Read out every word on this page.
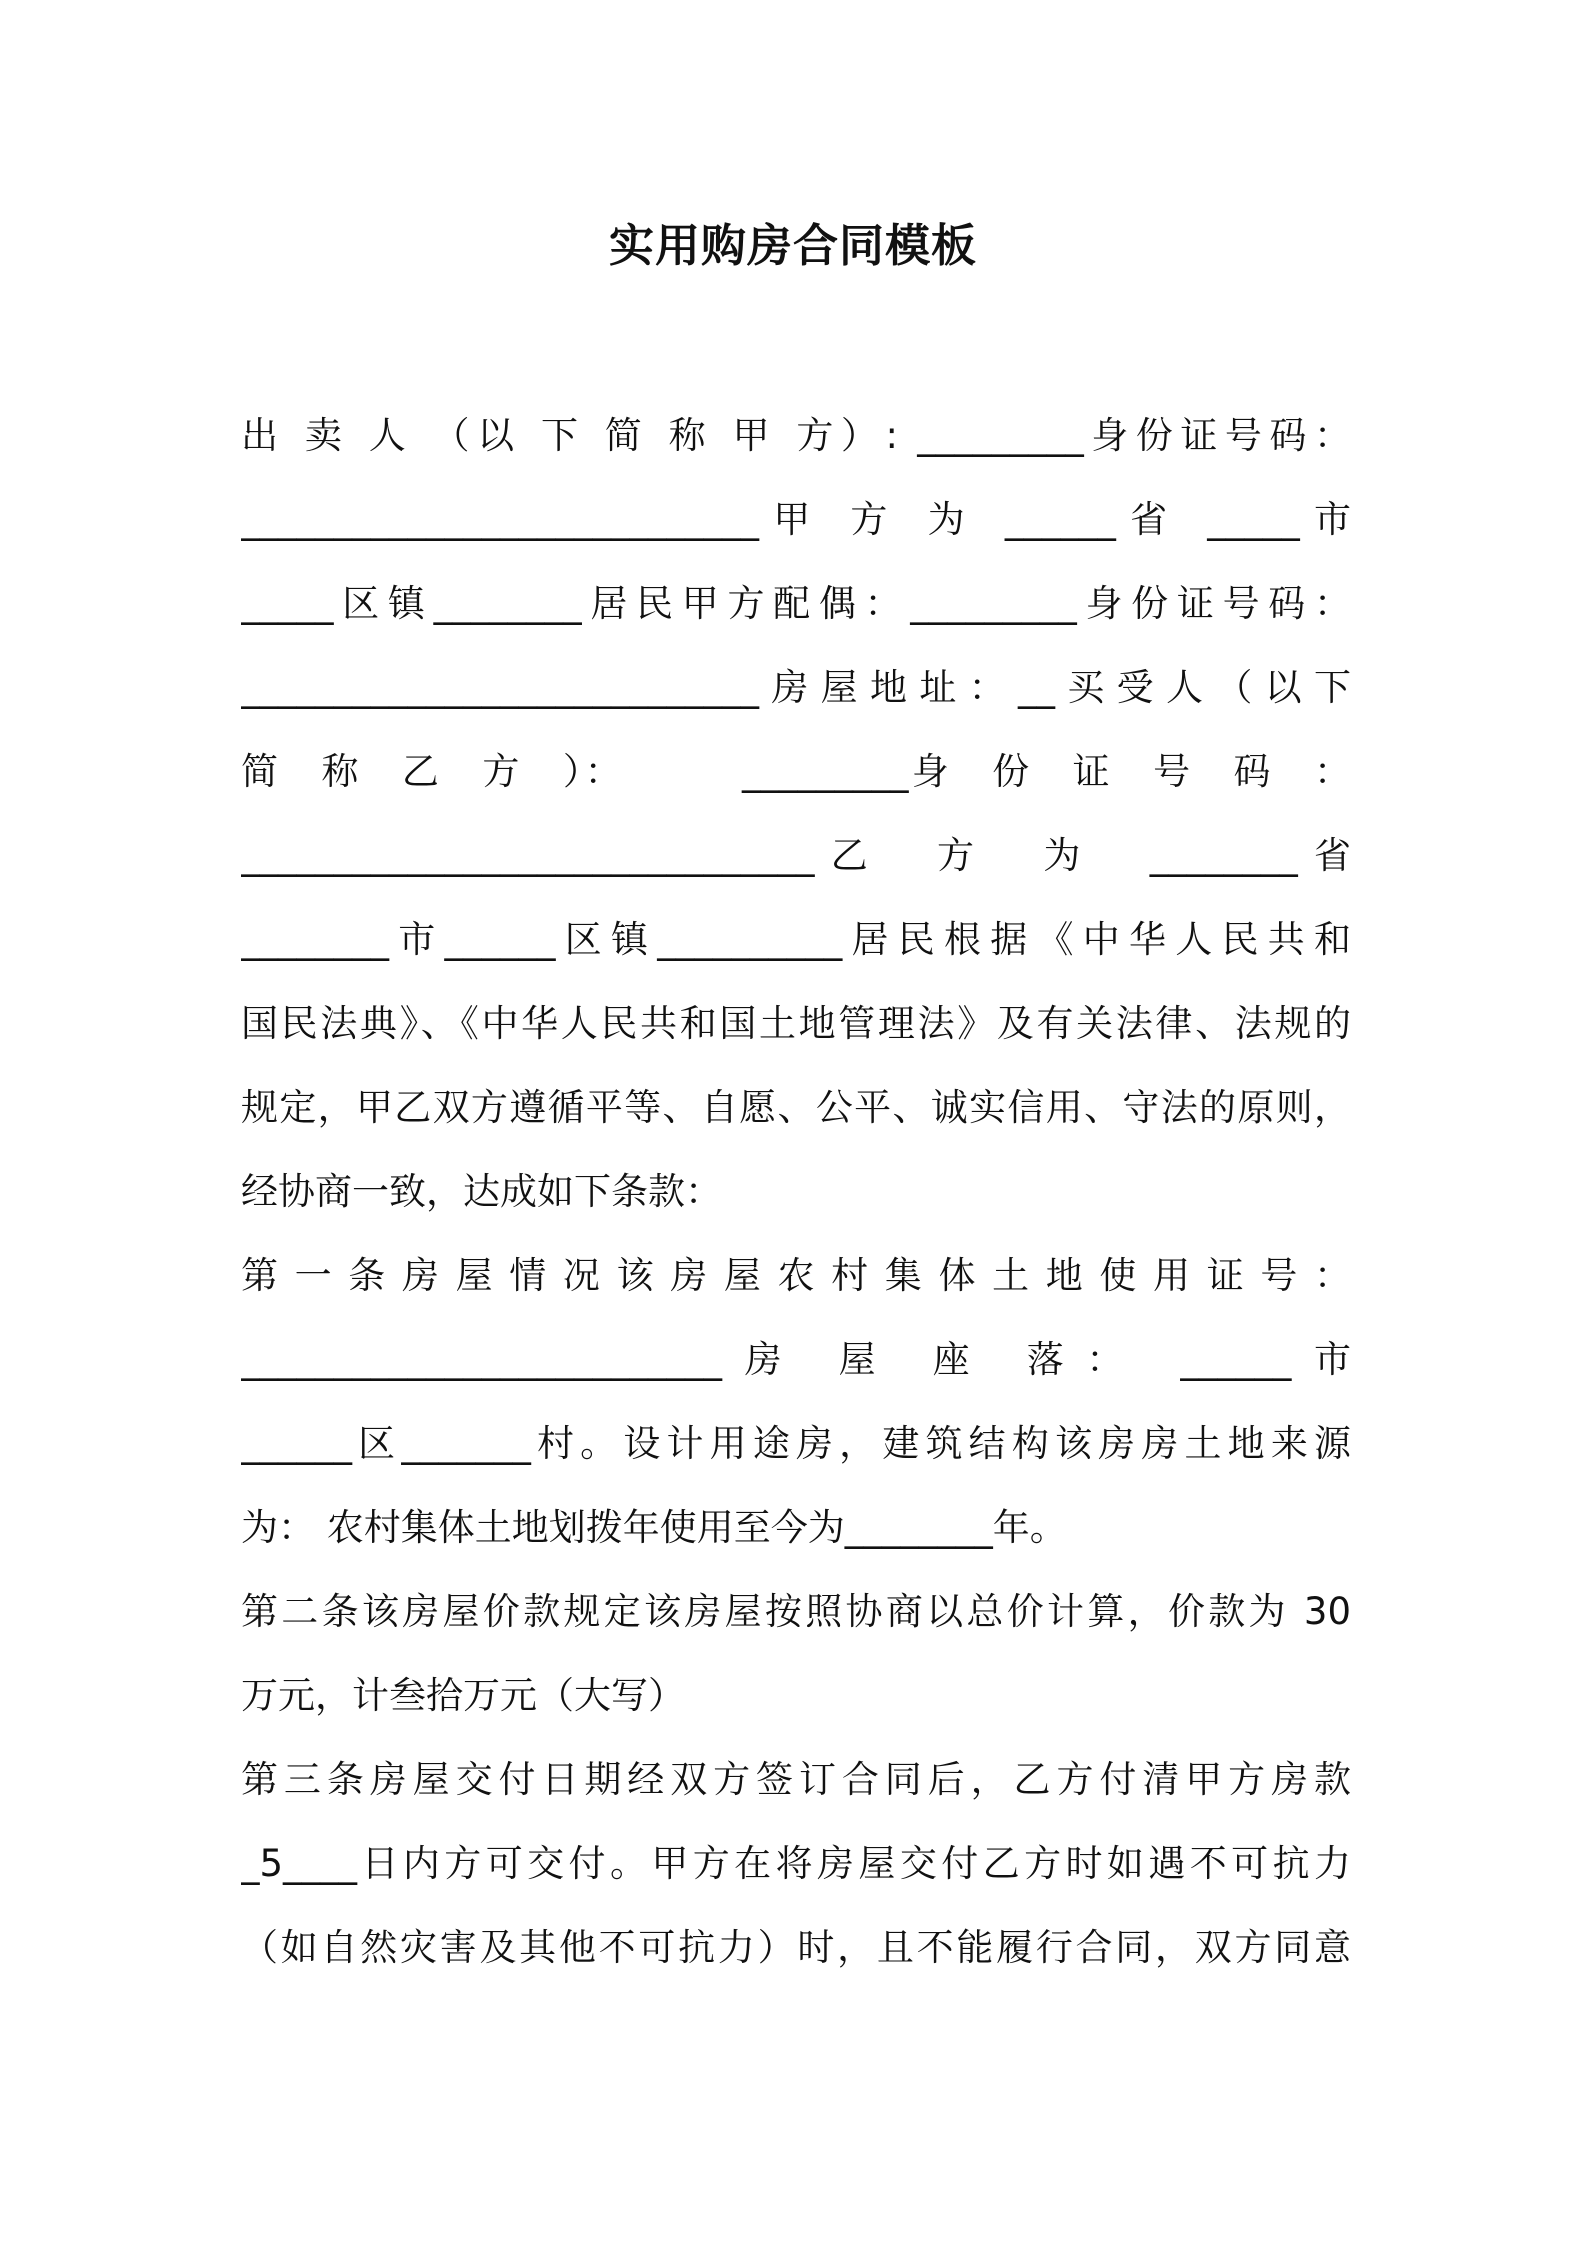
实用购房合同模板
出 卖 人 （以 下 简 称 甲 方）: _________身份证号码：
____________________________甲 方 为 ______省 _____市
_____区镇________居民甲方配偶：_________身份证号码：
____________________________房屋地址：__买受人（以下
简　称　乙　方　）：　　　 _________身　份　证　号　码　：
_______________________________乙　方　为　________省
________市______区镇__________居民根据《中华人民共和
国民法典》、《中华人民共和国土地管理法》及有关法律、法规的
规定，甲乙双方遵循平等、自愿、公平、诚实信用、守法的原则，
经协商一致，达成如下条款：
第 一 条 房 屋 情 况 该 房 屋 农 村 集 体 土 地 使 用 证 号 ：
__________________________房 屋 座 落： ______市
______区_______村。设计用途房，建筑结构该房房土地来源
为： 农村集体土地划拨年使用至今为________年。
第二条该房屋价款规定该房屋按照协商以总价计算，价款为 30
万元，计叁拾万元（大写）
第三条房屋交付日期经双方签订合同后，乙方付清甲方房款
_5____日内方可交付。甲方在将房屋交付乙方时如遇不可抗力
（如自然灾害及其他不可抗力）时，且不能履行合同，双方同意
